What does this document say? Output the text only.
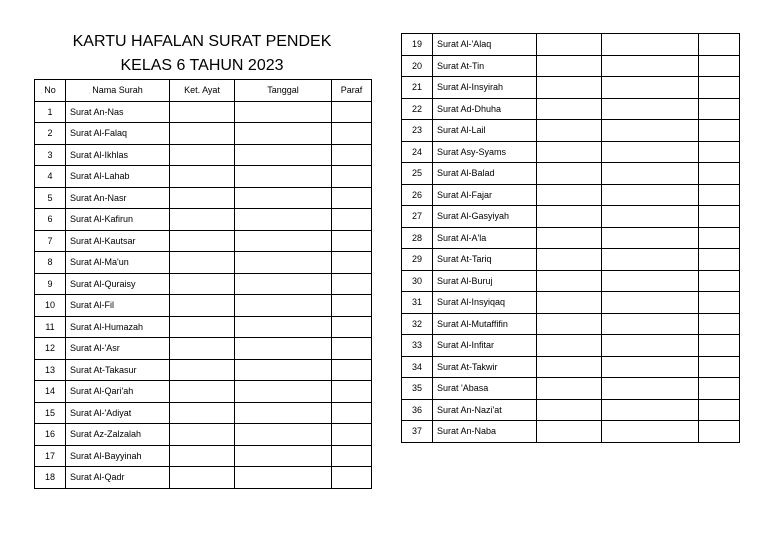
KARTU HAFALAN SURAT PENDEK
KELAS 6 TAHUN 2023
No	Nama Surah	Ket. Ayat	Tanggal	Paraf
1	Surat An-Nas			
2	Surat Al-Falaq			
3	Surat Al-Ikhlas			
4	Surat Al-Lahab			
5	Surat An-Nasr			
6	Surat Al-Kafirun			
7	Surat Al-Kautsar			
8	Surat Al-Ma'un			
9	Surat Al-Quraisy			
10	Surat Al-Fil			
11	Surat Al-Humazah			
12	Surat Al-'Asr			
13	Surat At-Takasur			
14	Surat Al-Qari'ah			
15	Surat Al-'Adiyat			
16	Surat Az-Zalzalah			
17	Surat Al-Bayyinah			
18	Surat Al-Qadr			
19	Surat Al-'Alaq			
20	Surat At-Tin			
21	Surat Al-Insyirah			
22	Surat Ad-Dhuha			
23	Surat Al-Lail			
24	Surat Asy-Syams			
25	Surat Al-Balad			
26	Surat Al-Fajar			
27	Surat Al-Gasyiyah			
28	Surat Al-A'la			
29	Surat At-Tariq			
30	Surat Al-Buruj			
31	Surat Al-Insyiqaq			
32	Surat Al-Mutaffifin			
33	Surat Al-Infitar			
34	Surat At-Takwir			
35	Surat 'Abasa			
36	Surat An-Nazi'at			
37	Surat An-Naba			
